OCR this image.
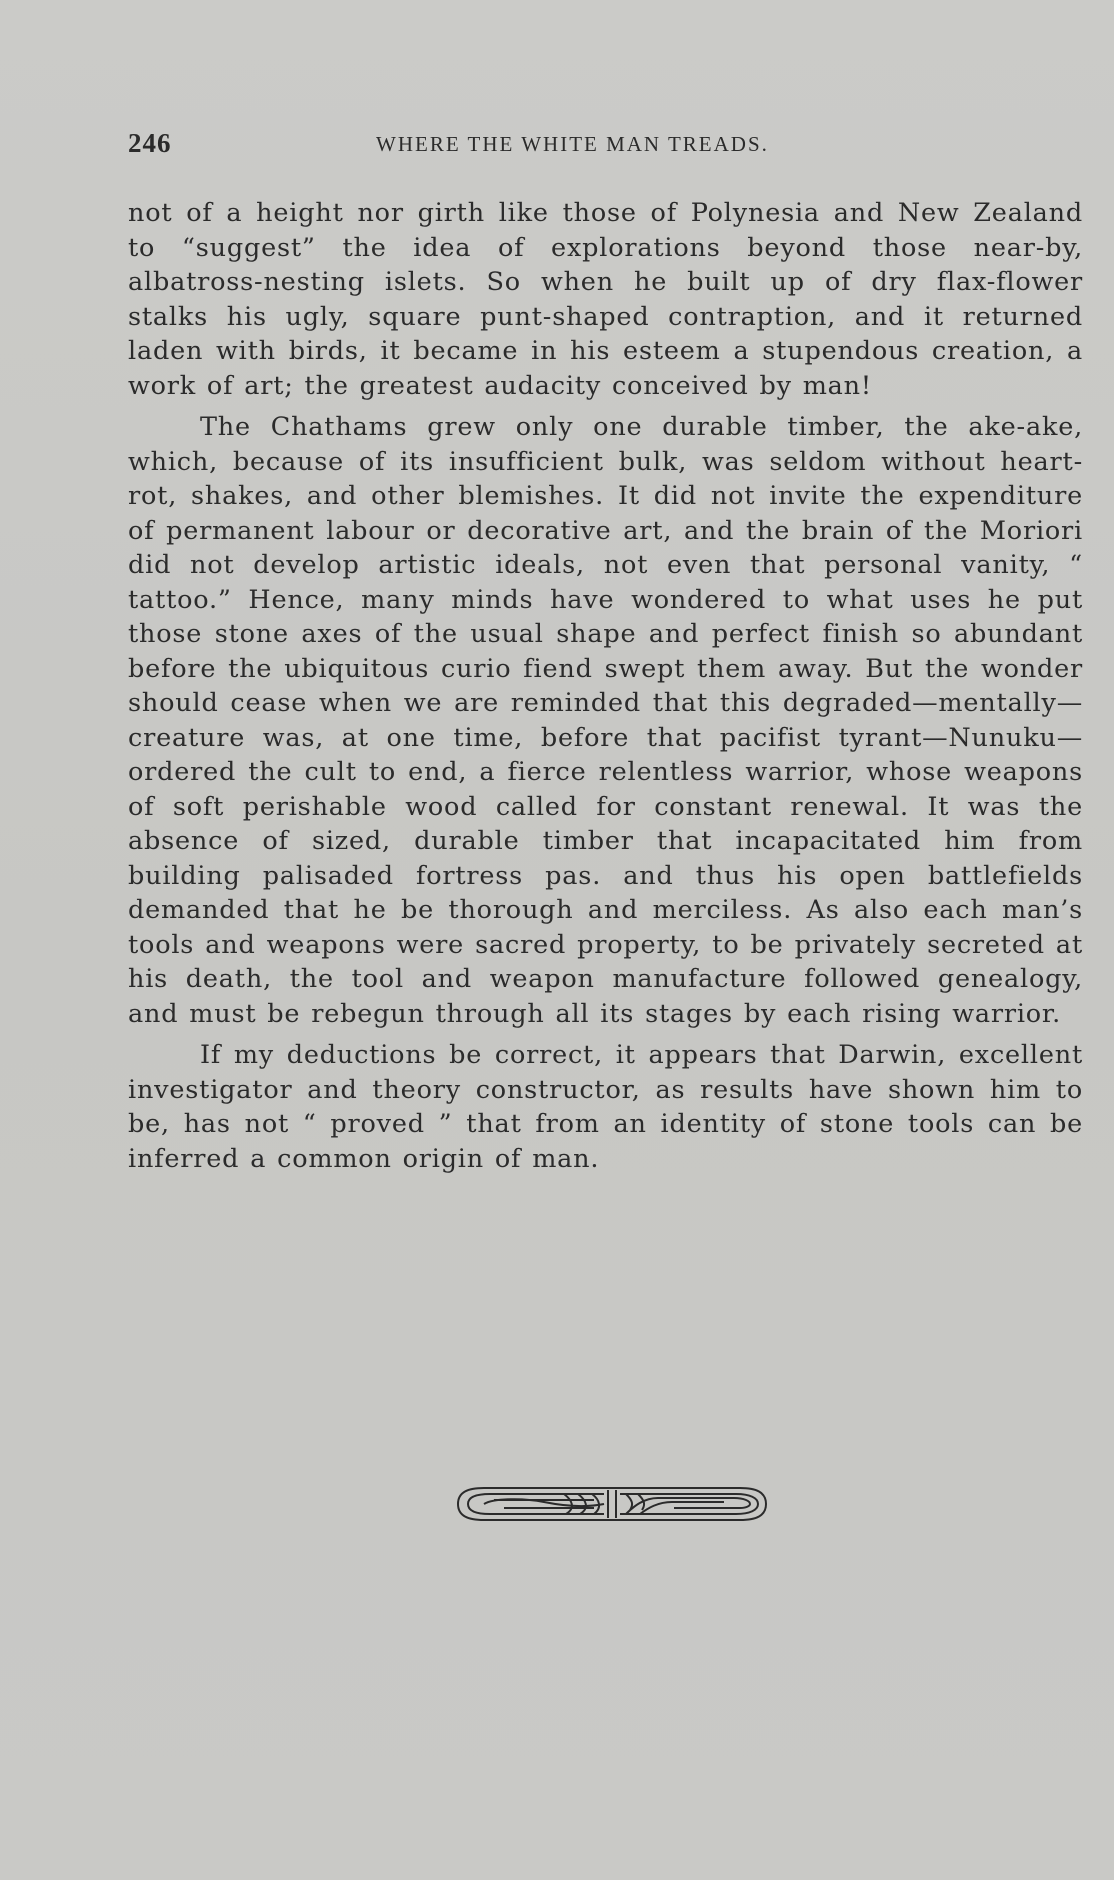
246	WHERE THE WHITE MAN TREADS.

not of a height nor girth like those of Polynesia and New Zealand to “suggest” the idea of explorations beyond those near-by, albatross-nesting islets. So when he built up of dry flax-flower stalks his ugly, square punt-shaped contraption, and it returned laden with birds, it became in his esteem a stupendous creation, a work of art; the greatest audacity conceived by man!

The Chathams grew only one durable timber, the ake-ake, which, because of its insufficient bulk, was seldom without heart-rot, shakes, and other blemishes. It did not invite the expenditure of permanent labour or decorative art, and the brain of the Moriori did not develop artistic ideals, not even that personal vanity, “ tattoo.” Hence, many minds have wondered to what uses he put those stone axes of the usual shape and perfect finish so abundant before the ubiquitous curio fiend swept them away. But the wonder should cease when we are reminded that this degraded—mentally—creature was, at one time, before that pacifist tyrant—Nunuku—ordered the cult to end, a fierce relentless warrior, whose weapons of soft perishable wood called for constant renewal. It was the absence of sized, durable timber that incapacitated him from building palisaded fortress pas. and thus his open battlefields demanded that he be thorough and merciless. As also each man’s tools and weapons were sacred property, to be privately secreted at his death, the tool and weapon manufacture followed genealogy, and must be rebegun through all its stages by each rising warrior.

If my deductions be correct, it appears that Darwin, excellent investigator and theory constructor, as results have shown him to be, has not “ proved ” that from an identity of stone tools can be inferred a common origin of man.
